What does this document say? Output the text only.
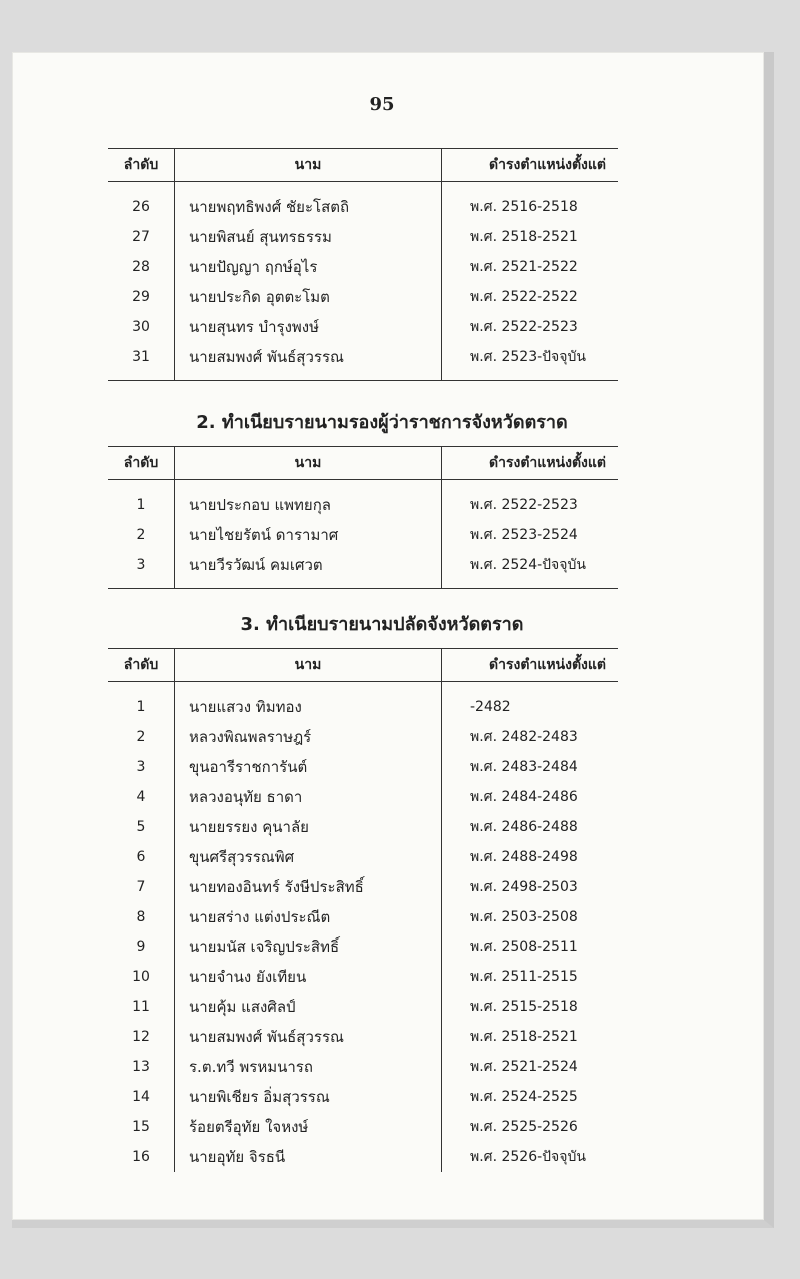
95
ลำดับ	นาม	ดำรงตำแหน่งตั้งแต่

26	นายพฤทธิพงศ์ ชัยะโสตถิ	พ.ศ. 2516-2518
27	นายพิสนย์ สุนทรธรรม	พ.ศ. 2518-2521
28	นายปัญญา ฤกษ์อุไร	พ.ศ. 2521-2522
29	นายประกิด อุตตะโมต	พ.ศ. 2522-2522
30	นายสุนทร บำรุงพงษ์	พ.ศ. 2522-2523
31	นายสมพงศ์ พันธ์สุวรรณ	พ.ศ. 2523-ปัจจุบัน

2. ทำเนียบรายนามรองผู้ว่าราชการจังหวัดตราด
ลำดับ	นาม	ดำรงตำแหน่งตั้งแต่

1	นายประกอบ แพทยกุล	พ.ศ. 2522-2523
2	นายไชยรัตน์ ดารามาศ	พ.ศ. 2523-2524
3	นายวีรวัฒน์ คมเศวต	พ.ศ. 2524-ปัจจุบัน

3. ทำเนียบรายนามปลัดจังหวัดตราด
ลำดับ	นาม	ดำรงตำแหน่งตั้งแต่

1	นายแสวง ทิมทอง	-2482
2	หลวงพิณพลราษฎร์	พ.ศ. 2482-2483
3	ขุนอารีราชการันต์	พ.ศ. 2483-2484
4	หลวงอนุทัย ธาดา	พ.ศ. 2484-2486
5	นายยรรยง คุนาลัย	พ.ศ. 2486-2488
6	ขุนศรีสุวรรณพิศ	พ.ศ. 2488-2498
7	นายทองอินทร์ รังษีประสิทธิ์	พ.ศ. 2498-2503
8	นายสร่าง แต่งประณีต	พ.ศ. 2503-2508
9	นายมนัส เจริญประสิทธิ์	พ.ศ. 2508-2511
10	นายจำนง ยังเทียน	พ.ศ. 2511-2515
11	นายคุ้ม แสงศิลป์	พ.ศ. 2515-2518
12	นายสมพงศ์ พันธ์สุวรรณ	พ.ศ. 2518-2521
13	ร.ต.ทวี พรหมนารถ	พ.ศ. 2521-2524
14	นายพิเชียร อิ่มสุวรรณ	พ.ศ. 2524-2525
15	ร้อยตรีอุทัย ใจหงษ์	พ.ศ. 2525-2526
16	นายอุทัย จิรธนี	พ.ศ. 2526-ปัจจุบัน
